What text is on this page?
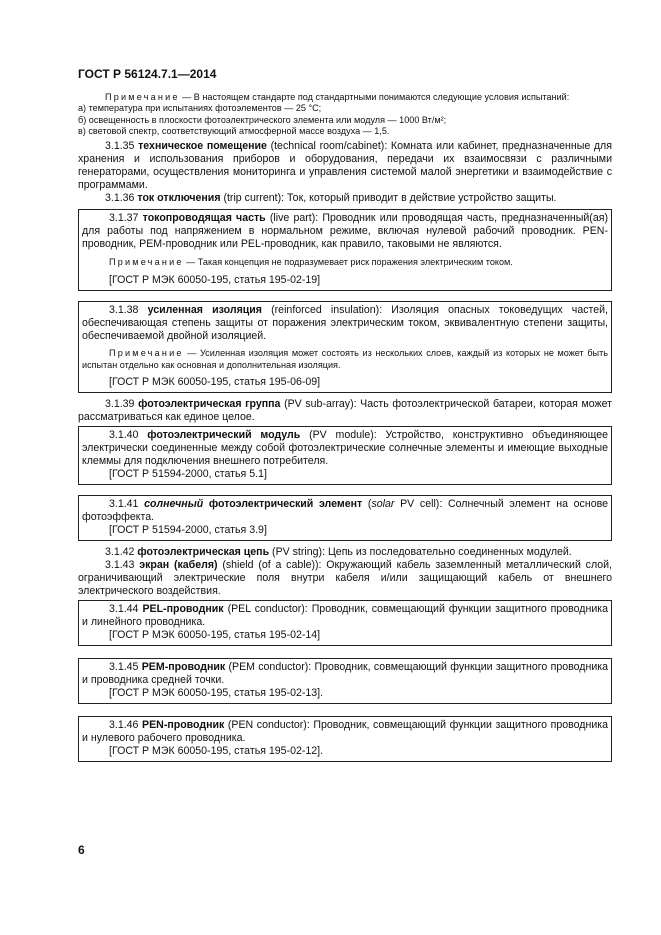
ГОСТ Р 56124.7.1—2014

Примечание — В настоящем стандарте под стандартными понимаются следующие условия испытаний:

а) температура при испытаниях фотоэлементов — 25 °C;

б) освещенность в плоскости фотоэлектрического элемента или модуля — 1000 Вт/м²;

в) световой спектр, соответствующий атмосферной массе воздуха — 1,5.

3.1.35 техническое помещение (technical room/cabinet): Комната или кабинет, предназначенные для хранения и использования приборов и оборудования, передачи их взаимосвязи с различными генераторами, осуществления мониторинга и управления системой малой энергетики и взаимодействие с программами.

3.1.36 ток отключения (trip current): Ток, который приводит в действие устройство защиты.

3.1.37 токопроводящая часть (live part): Проводник или проводящая часть, предназначенный(ая) для работы под напряжением в нормальном режиме, включая нулевой рабочий проводник. PEN-проводник, PEM-проводник или PEL-проводник, как правило, таковыми не являются.

Примечание — Такая концепция не подразумевает риск поражения электрическим током.

[ГОСТ Р МЭК 60050-195, статья 195-02-19]

3.1.38 усиленная изоляция (reinforced insulation): Изоляция опасных токоведущих частей, обеспечивающая степень защиты от поражения электрическим током, эквивалентную степени защиты, обеспечиваемой двойной изоляцией.

Примечание — Усиленная изоляция может состоять из нескольких слоев, каждый из которых не может быть испытан отдельно как основная и дополнительная изоляция.

[ГОСТ Р МЭК 60050-195, статья 195-06-09]

3.1.39 фотоэлектрическая группа (PV sub-array): Часть фотоэлектрической батареи, которая может рассматриваться как единое целое.

3.1.40 фотоэлектрический модуль (PV module): Устройство, конструктивно объединяющее электрически соединенные между собой фотоэлектрические солнечные элементы и имеющие выходные клеммы для подключения внешнего потребителя.

[ГОСТ Р 51594-2000, статья 5.1]

3.1.41 солнечный фотоэлектрический элемент (solar PV cell): Солнечный элемент на основе фотоэффекта.

[ГОСТ Р 51594-2000, статья 3.9]

3.1.42 фотоэлектрическая цепь (PV string): Цепь из последовательно соединенных модулей.

3.1.43 экран (кабеля) (shield (of a cable)): Окружающий кабель заземленный металлический слой, ограничивающий электрические поля внутри кабеля и/или защищающий кабель от внешнего электрического воздействия.

3.1.44 PEL-проводник (PEL conductor): Проводник, совмещающий функции защитного проводника и линейного проводника.

[ГОСТ Р МЭК 60050-195, статья 195-02-14]

3.1.45 PEM-проводник (PEM conductor): Проводник, совмещающий функции защитного проводника и проводника средней точки.

[ГОСТ Р МЭК 60050-195, статья 195-02-13].

3.1.46 PEN-проводник (PEN conductor): Проводник, совмещающий функции защитного проводника и нулевого рабочего проводника.

[ГОСТ Р МЭК 60050-195, статья 195-02-12].

6
